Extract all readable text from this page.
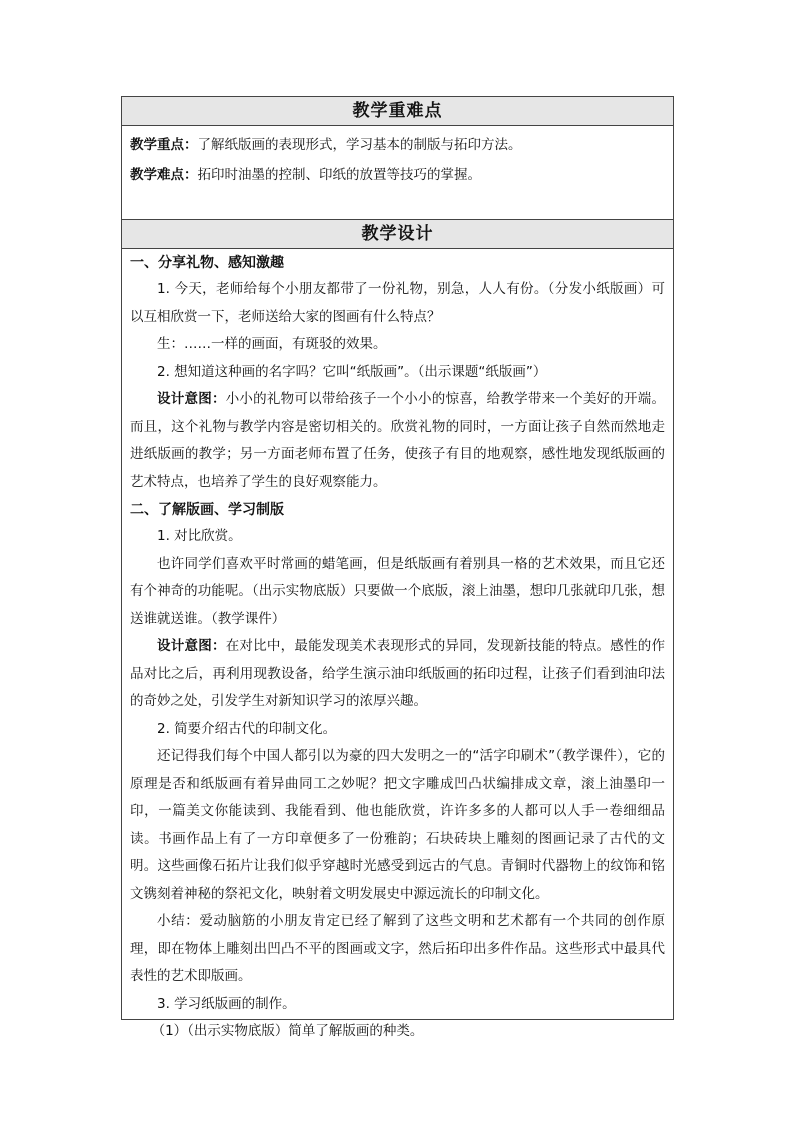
教学重难点
教学重点：了解纸版画的表现形式，学习基本的制版与拓印方法。
教学难点：拓印时油墨的控制、印纸的放置等技巧的掌握。
教学设计
一、分享礼物、感知激趣

1. 今天，老师给每个小朋友都带了一份礼物，别急，人人有份。（分发小纸版画）可以互相欣赏一下，老师送给大家的图画有什么特点？

生：……一样的画面，有斑驳的效果。

2. 想知道这种画的名字吗？它叫“纸版画”。（出示课题“纸版画”）

设计意图：小小的礼物可以带给孩子一个小小的惊喜，给教学带来一个美好的开端。而且，这个礼物与教学内容是密切相关的。欣赏礼物的同时，一方面让孩子自然而然地走进纸版画的教学；另一方面老师布置了任务，使孩子有目的地观察，感性地发现纸版画的艺术特点，也培养了学生的良好观察能力。

二、了解版画、学习制版

1. 对比欣赏。

也许同学们喜欢平时常画的蜡笔画，但是纸版画有着别具一格的艺术效果，而且它还有个神奇的功能呢。（出示实物底版）只要做一个底版，滚上油墨，想印几张就印几张，想送谁就送谁。（教学课件）

设计意图：在对比中，最能发现美术表现形式的异同，发现新技能的特点。感性的作品对比之后，再利用现教设备，给学生演示油印纸版画的拓印过程，让孩子们看到油印法的奇妙之处，引发学生对新知识学习的浓厚兴趣。

2. 简要介绍古代的印制文化。

还记得我们每个中国人都引以为豪的四大发明之一的“活字印刷术”（教学课件），它的原理是否和纸版画有着异曲同工之妙呢？把文字雕成凹凸状编排成文章，滚上油墨印一印，一篇美文你能读到、我能看到、他也能欣赏，许许多多的人都可以人手一卷细细品读。书画作品上有了一方印章便多了一份雅韵；石块砖块上雕刻的图画记录了古代的文明。这些画像石拓片让我们似乎穿越时光感受到远古的气息。青铜时代器物上的纹饰和铭文镌刻着神秘的祭祀文化，映射着文明发展史中源远流长的印制文化。

小结：爱动脑筋的小朋友肯定已经了解到了这些文明和艺术都有一个共同的创作原理，即在物体上雕刻出凹凸不平的图画或文字，然后拓印出多件作品。这些形式中最具代表性的艺术即版画。

3. 学习纸版画的制作。

（1）（出示实物底版）简单了解版画的种类。
